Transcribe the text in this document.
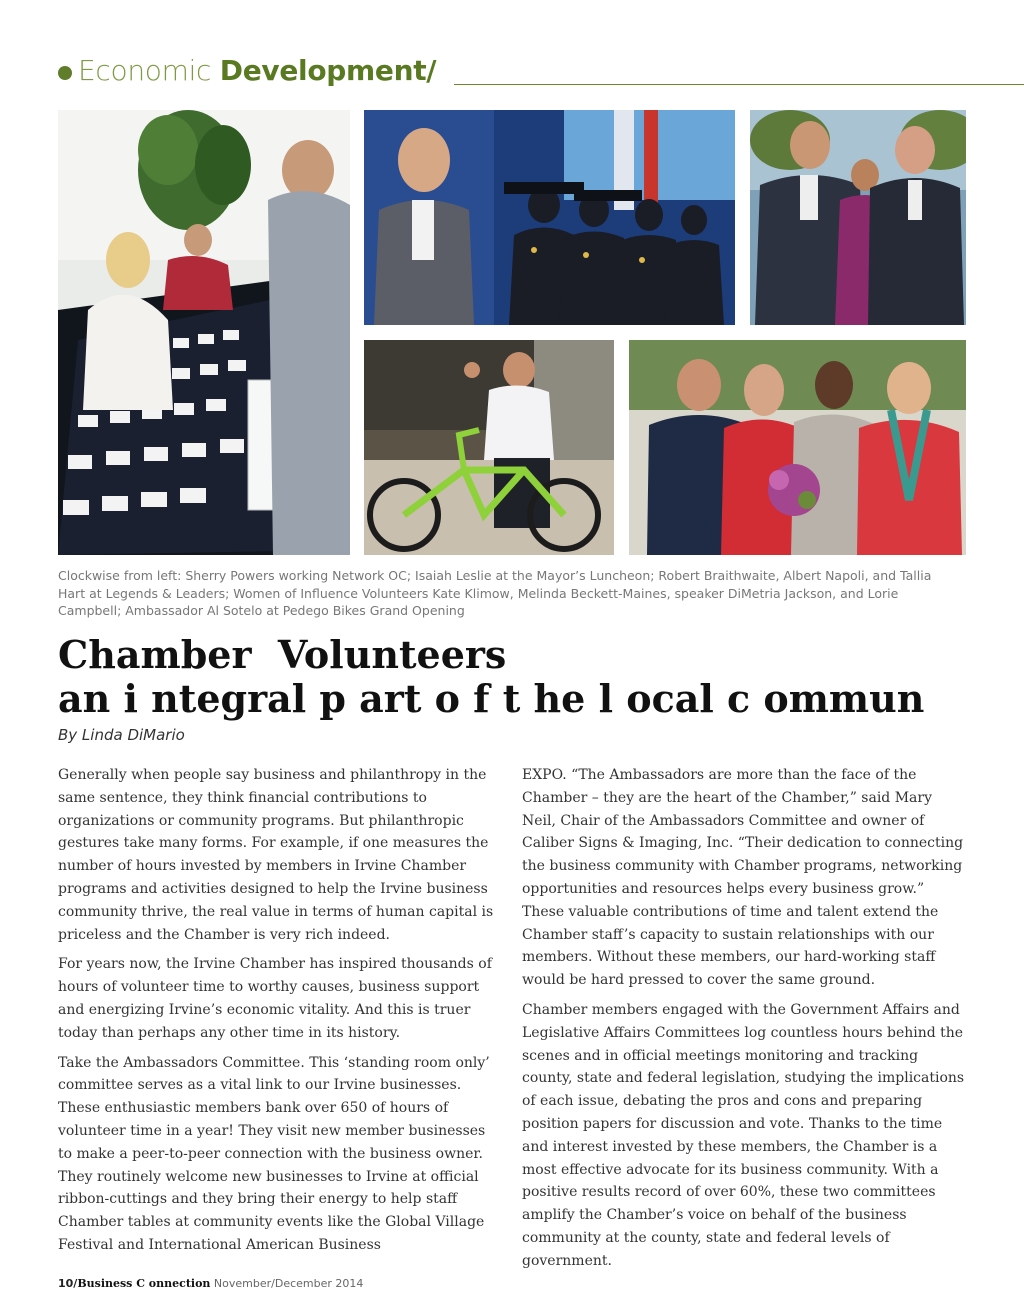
Economic Development/
Clockwise from left: Sherry Powers working Network OC; Isaiah Leslie at the Mayor’s Luncheon; Robert Braithwaite, Albert Napoli, and Tallia Hart at Legends & Leaders; Women of Influence Volunteers Kate Klimow, Melinda Beckett-Maines, speaker DiMetria Jackson, and Lorie Campbell; Ambassador Al Sotelo at Pedego Bikes Grand Opening
Chamber  Volunteers
an i ntegral p art o f t he l ocal c ommun
By Linda DiMario

Generally when people say business and philanthropy in the same sentence, they think financial contributions to organizations or community programs. But philanthropic gestures take many forms. For example, if one measures the number of hours invested by members in Irvine Chamber programs and activities designed to help the Irvine business community thrive, the real value in terms of human capital is priceless and the Chamber is very rich indeed.

For years now, the Irvine Chamber has inspired thousands of hours of volunteer time to worthy causes, business support and energizing Irvine’s economic vitality. And this is truer today than perhaps any other time in its history.

Take the Ambassadors Committee. This ‘standing room only’ committee serves as a vital link to our Irvine businesses. These enthusiastic members bank over 650 of hours of volunteer time in a year! They visit new member businesses to make a peer-to-peer connection with the business owner. They routinely welcome new businesses to Irvine at official ribbon-cuttings and they bring their energy to help staff Chamber tables at community events like the Global Village Festival and International American Business

EXPO. “The Ambassadors are more than the face of the Chamber – they are the heart of the Chamber,” said Mary Neil, Chair of the Ambassadors Committee and owner of Caliber Signs & Imaging, Inc. “Their dedication to connecting the business community with Chamber programs, networking opportunities and resources helps every business grow.” These valuable contributions of time and talent extend the Chamber staff’s capacity to sustain relationships with our members. Without these members, our hard-working staff would be hard pressed to cover the same ground.

Chamber members engaged with the Government Affairs and Legislative Affairs Committees log countless hours behind the scenes and in official meetings monitoring and tracking county, state and federal legislation, studying the implications of each issue, debating the pros and cons and preparing position papers for discussion and vote. Thanks to the time and interest invested by these members, the Chamber is a most effective advocate for its business community. With a positive results record of over 60%, these two committees amplify the Chamber’s voice on behalf of the business community at the county, state and federal levels of government.

10/Business C onnection November/December 2014
